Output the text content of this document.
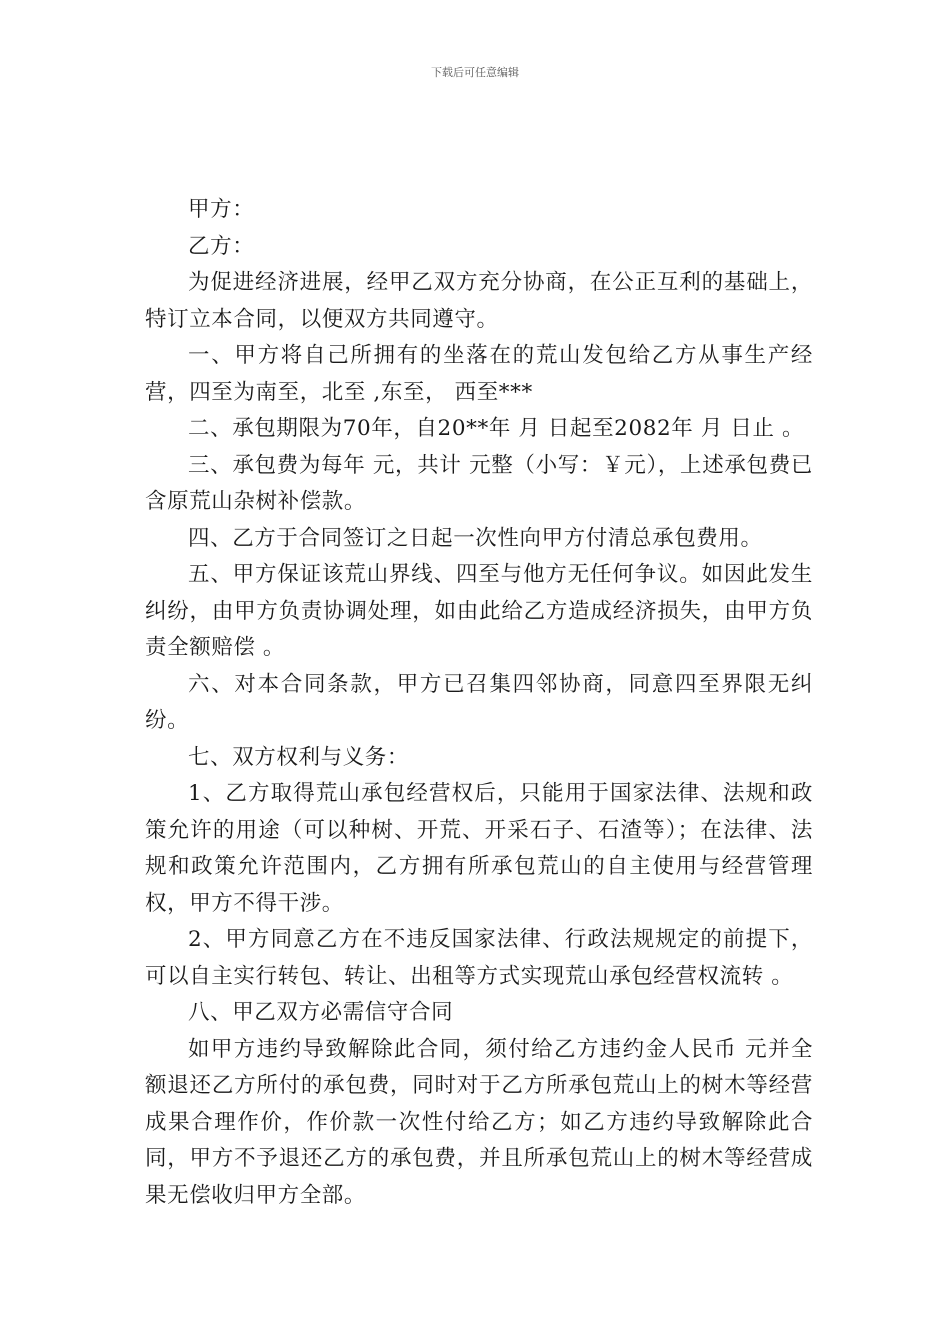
下载后可任意编辑

甲方：

乙方：

为促进经济进展，经甲乙双方充分协商，在公正互利的基础上，特订立本合同，以便双方共同遵守。

一、甲方将自己所拥有的坐落在的荒山发包给乙方从事生产经营，四至为南至，北至 ,东至， 西至***

二、承包期限为70年，自20**年 月 日起至2082年 月 日止 。

三、承包费为每年 元，共计 元整（小写：￥元），上述承包费已含原荒山杂树补偿款。

四、乙方于合同签订之日起一次性向甲方付清总承包费用。

五、甲方保证该荒山界线、四至与他方无任何争议。如因此发生纠纷，由甲方负责协调处理，如由此给乙方造成经济损失，由甲方负责全额赔偿 。

六、对本合同条款，甲方已召集四邻协商，同意四至界限无纠纷。

七、双方权利与义务：

1、乙方取得荒山承包经营权后，只能用于国家法律、法规和政策允许的用途（可以种树、开荒、开采石子、石渣等）；在法律、法规和政策允许范围内，乙方拥有所承包荒山的自主使用与经营管理权，甲方不得干涉。

2、甲方同意乙方在不违反国家法律、行政法规规定的前提下，可以自主实行转包、转让、出租等方式实现荒山承包经营权流转 。

八、甲乙双方必需信守合同

如甲方违约导致解除此合同，须付给乙方违约金人民币 元并全额退还乙方所付的承包费，同时对于乙方所承包荒山上的树木等经营成果合理作价，作价款一次性付给乙方；如乙方违约导致解除此合同，甲方不予退还乙方的承包费，并且所承包荒山上的树木等经营成果无偿收归甲方全部。
